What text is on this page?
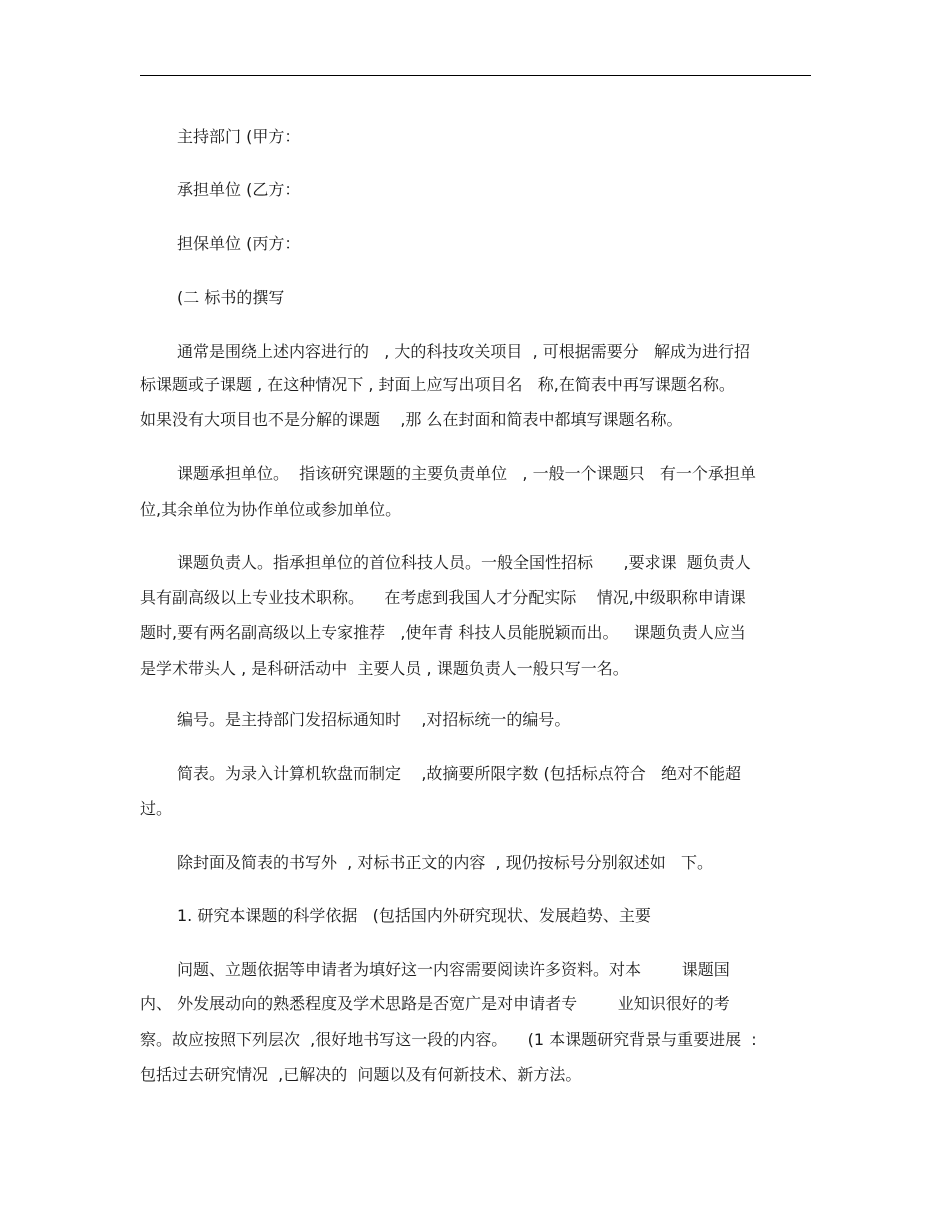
主持部门 (甲方：
承担单位 (乙方：
担保单位 (丙方：
(二 标书的撰写
通常是围绕上述内容进行的   , 大的科技攻关项目  , 可根据需要分   解成为进行招
标课题或子课题 , 在这种情况下 , 封面上应写出项目名   称,在简表中再写课题名称。
如果没有大项目也不是分解的课题    ,那 么在封面和简表中都填写课题名称。
课题承担单位。  指该研究课题的主要负责单位   , 一般一个课题只   有一个承担单
位,其余单位为协作单位或参加单位。
课题负责人。指承担单位的首位科技人员。一般全国性招标      ,要求课  题负责人
具有副高级以上专业技术职称。    在考虑到我国人才分配实际    情况,中级职称申请课
题时,要有两名副高级以上专家推荐   ,使年青 科技人员能脱颖而出。   课题负责人应当
是学术带头人 , 是科研活动中  主要人员 , 课题负责人一般只写一名。
编号。是主持部门发招标通知时    ,对招标统一的编号。
简表。为录入计算机软盘而制定    ,故摘要所限字数 (包括标点符合   绝对不能超
过。
除封面及简表的书写外  , 对标书正文的内容  , 现仍按标号分别叙述如   下。
1. 研究本课题的科学依据   (包括国内外研究现状、发展趋势、主要
问题、立题依据等申请者为填好这一内容需要阅读许多资料。对本        课题国
内、 外发展动向的熟悉程度及学术思路是否宽广是对申请者专        业知识很好的考
察。故应按照下列层次  ,很好地书写这一段的内容。    (1 本课题研究背景与重要进展  :
包括过去研究情况  ,已解决的  问题以及有何新技术、新方法。
